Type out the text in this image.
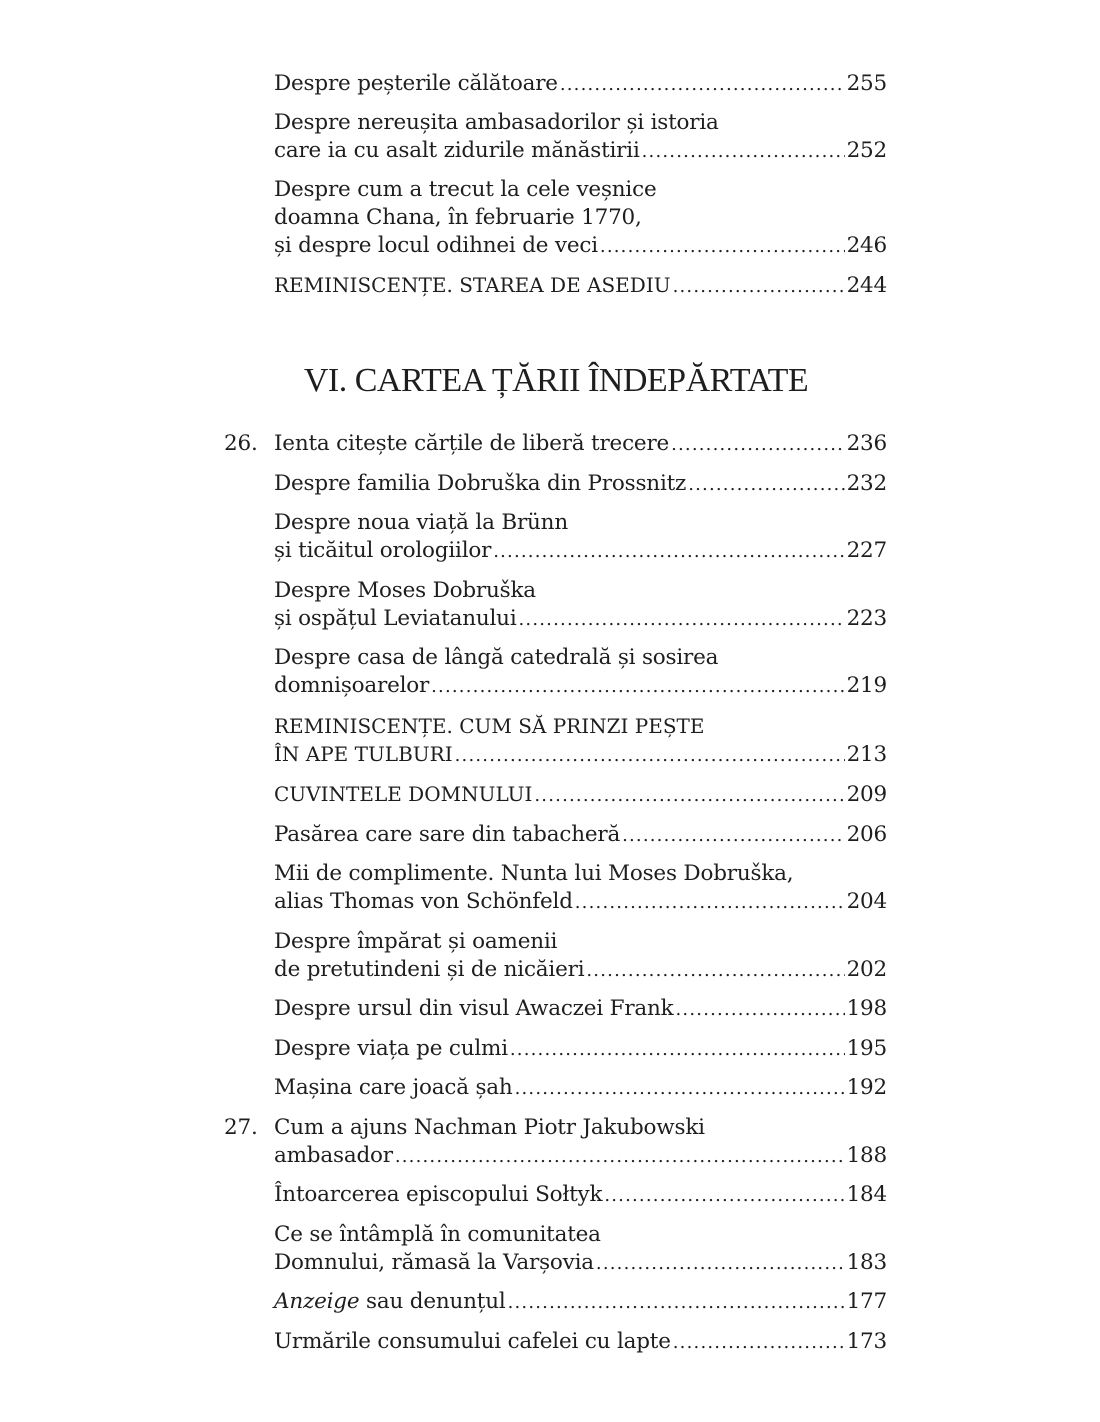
Despre peșterile călătoare .....	255
Despre nereușita ambasadorilor și istoria
care ia cu asalt zidurile mănăstirii .....	252
Despre cum a trecut la cele veșnice
doamna Chana, în februarie 1770,
și despre locul odihnei de veci .....	246
REMINISCENȚE. STAREA DE ASEDIU .....	244
VI. CARTEA ȚĂRII ÎNDEPĂRTATE
26. Ienta citește cărțile de liberă trecere .....	236
Despre familia Dobruška din Prossnitz .....	232
Despre noua viață la Brünn
și ticăitul orologiilor .....	227
Despre Moses Dobruška
și ospățul Leviatanului .....	223
Despre casa de lângă catedrală și sosirea
domnișoarelor .....	219
REMINISCENȚE. CUM SĂ PRINZI PEȘTE
ÎN APE TULBURI .....	213
CUVINTELE DOMNULUI .....	209
Pasărea care sare din tabacheră .....	206
Mii de complimente. Nunta lui Moses Dobruška,
alias Thomas von Schönfeld .....	204
Despre împărat și oamenii
de pretutindeni și de nicăieri .....	202
Despre ursul din visul Awaczei Frank .....	198
Despre viața pe culmi .....	195
Mașina care joacă șah .....	192
27. Cum a ajuns Nachman Piotr Jakubowski
ambasador .....	188
Întoarcerea episcopului Sołtyk .....	184
Ce se întâmplă în comunitatea
Domnului, rămasă la Varșovia .....	183
Anzeige sau denunțul .....	177
Urmările consumului cafelei cu lapte .....	173
